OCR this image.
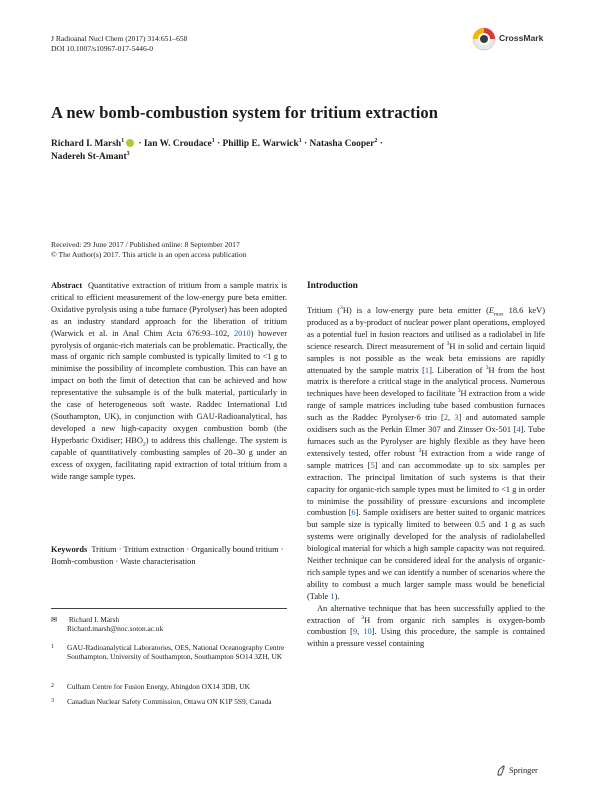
J Radioanal Nucl Chem (2017) 314:651–658
DOI 10.1007/s10967-017-5446-0
CrossMark
A new bomb-combustion system for tritium extraction
Richard I. Marsh$^1$ · Ian W. Croudace$^1$ · Phillip E. Warwick$^1$ · Natasha Cooper$^2$ ·
Nadereh St-Amant$^3$
Received: 29 June 2017 / Published online: 8 September 2017
© The Author(s) 2017. This article is an open access publication

Abstract Quantitative extraction of tritium from a sample matrix is critical to efficient measurement of the low-energy pure beta emitter. Oxidative pyrolysis using a tube furnace (Pyrolyser) has been adopted as an industry standard approach for the liberation of tritium (Warwick et al. in Anal Chim Acta 676:93–102, 2010) however pyrolysis of organic-rich materials can be problematic. Practically, the mass of organic rich sample combusted is typically limited to <1 g to minimise the possibility of incomplete combustion. This can have an impact on both the limit of detection that can be achieved and how representative the subsample is of the bulk material, particularly in the case of heterogeneous soft waste. Raddec International Ltd (Southampton, UK), in conjunction with GAU-Radioanalytical, has developed a new high-capacity oxygen combustion bomb (the Hyperbaric Oxidiser; $HBO_2$) to address this challenge. The system is capable of quantitatively combusting samples of 20–30 g under an excess of oxygen, facilitating rapid extraction of total tritium from a wide range sample types.

Keywords Tritium · Tritium extraction · Organically bound tritium · Bomb-combustion · Waste characterisation

✉ Richard I. Marsh
Richard.marsh@noc.soton.ac.uk
1	GAU-Radioanalytical Laboratories, OES, National Oceanography Centre Southampton, University of Southampton, Southampton SO14 3ZH, UK
2	Culham Centre for Fusion Energy, Abingdon OX14 3DB, UK
3	Canadian Nuclear Safety Commission, Ottawa ON K1P 5S9, Canada
Introduction

Tritium ($^3$H) is a low-energy pure beta emitter ($E_{max}$ 18.6 keV) produced as a by-product of nuclear power plant operations, employed as a potential fuel in fusion reactors and utilised as a radiolabel in life science research. Direct measurement of $^3$H in solid and certain liquid samples is not possible as the weak beta emissions are rapidly attenuated by the sample matrix [1]. Liberation of $^3$H from the host matrix is therefore a critical stage in the analytical process. Numerous techniques have been developed to facilitate $^3$H extraction from a wide range of sample matrices including tube based combustion furnaces such as the Raddec Pyrolyser-6 trio [2, 3] and automated sample oxidisers such as the Perkin Elmer 307 and Zinsser Ox-501 [4]. Tube furnaces such as the Pyrolyser are highly flexible as they have been extensively tested, offer robust $^3$H extraction from a wide range of sample matrices [5] and can accommodate up to six samples per extraction. The principal limitation of such systems is that their capacity for organic-rich sample types must be limited to <1 g in order to minimise the possibility of pressure excursions and incomplete combustion [6]. Sample oxidisers are better suited to organic matrices but sample size is typically limited to between 0.5 and 1 g as such systems were originally developed for the analysis of radiolabelled biological material for which a high sample capacity was not required. Neither technique can be considered ideal for the analysis of organic-rich sample types and we can identify a number of scenarios where the ability to combust a much larger sample mass would be beneficial (Table 1).

An alternative technique that has been successfully applied to the extraction of $^3$H from organic rich samples is oxygen-bomb combustion [9, 10]. Using this procedure, the sample is contained within a pressure vessel containing

Springer
